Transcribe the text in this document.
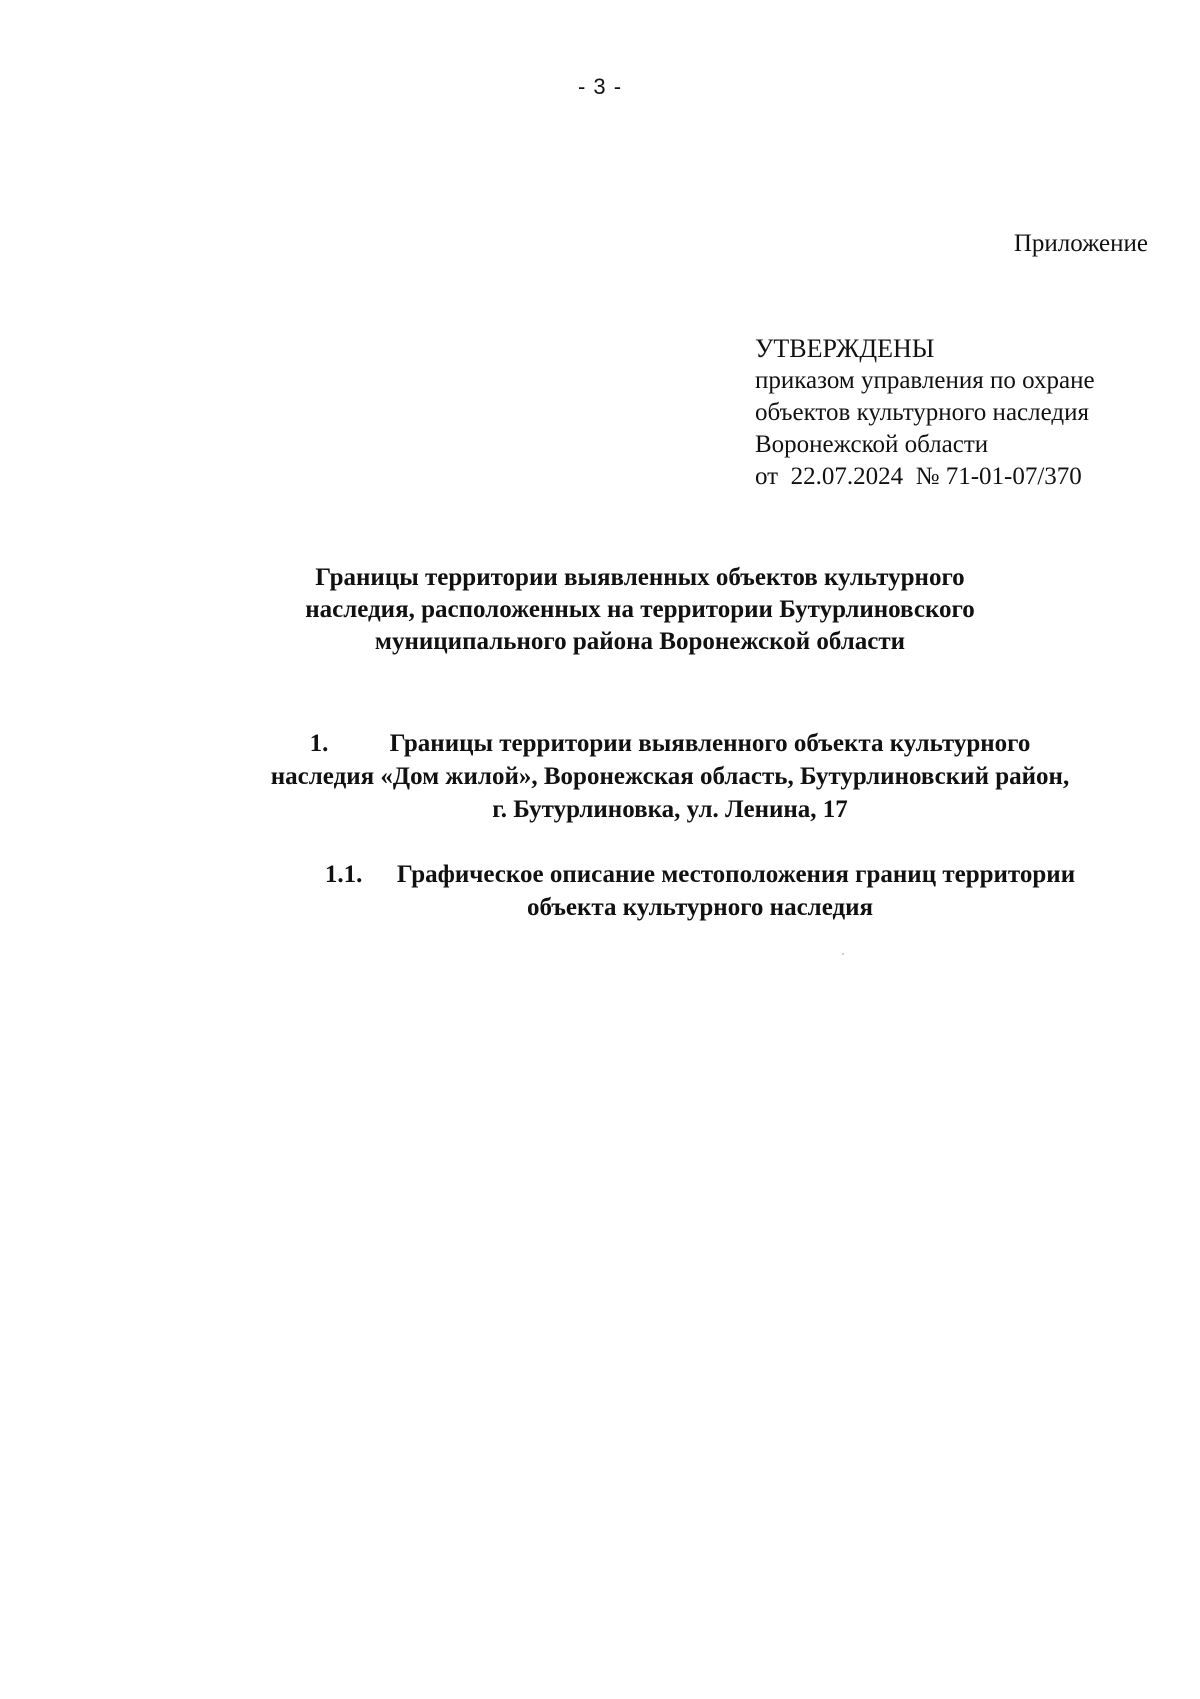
- 3 -
Приложение
УТВЕРЖДЕНЫ
приказом управления по охране
объектов культурного наследия
Воронежской области
от  22.07.2024  № 71-01-07/370
Границы территории выявленных объектов культурного
наследия, расположенных на территории Бутурлиновского
муниципального района Воронежской области
1. Границы территории выявленного объекта культурного
наследия «Дом жилой», Воронежская область, Бутурлиновский район,
г. Бутурлиновка, ул. Ленина, 17
1.1. Графическое описание местоположения границ территории
объекта культурного наследия
